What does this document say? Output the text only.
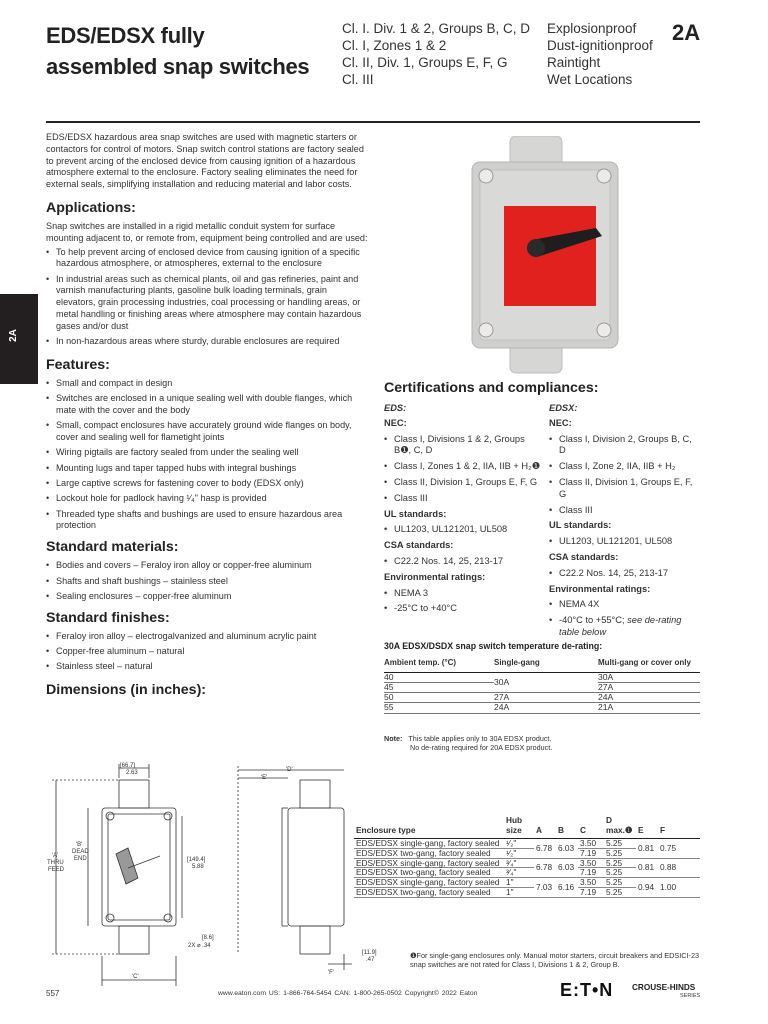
EDS/EDSX fully assembled snap switches
Cl. I. Div. 1 & 2, Groups B, C, D
Cl. I, Zones 1 & 2
Cl. II, Div. 1, Groups E, F, G
Cl. III
Explosionproof
Dust-ignitionproof
Raintight
Wet Locations
2A
2A

EDS/EDSX hazardous area snap switches are used with magnetic starters or contactors for control of motors. Snap switch control stations are factory sealed to prevent arcing of the enclosed device from causing ignition of a hazardous atmosphere external to the enclosure. Factory sealing eliminates the need for external seals, simplifying installation and reducing material and labor costs.

Applications:

Snap switches are installed in a rigid metallic conduit system for surface mounting adjacent to, or remote from, equipment being controlled and are used:

• To help prevent arcing of enclosed device from causing ignition of a specific hazardous atmosphere, or atmospheres, external to the enclosure
• In industrial areas such as chemical plants, oil and gas refineries, paint and varnish manufacturing plants, gasoline bulk loading terminals, grain elevators, grain processing industries, coal processing or handling areas, or metal handling or finishing areas where atmosphere may contain hazardous gases and/or dust
• In non-hazardous areas where sturdy, durable enclosures are required
Features:
• Small and compact in design
• Switches are enclosed in a unique sealing well with double flanges, which mate with the cover and the body
• Small, compact enclosures have accurately ground wide flanges on body, cover and sealing well for flametight joints
• Wiring pigtails are factory sealed from under the sealing well
• Mounting lugs and taper tapped hubs with integral bushings
• Large captive screws for fastening cover to body (EDSX only)
• Lockout hole for padlock having ¹⁄₄" hasp is provided
• Threaded type shafts and bushings are used to ensure hazardous area protection
Standard materials:
• Bodies and covers – Feraloy iron alloy or copper-free aluminum
• Shafts and shaft bushings – stainless steel
• Sealing enclosures – copper-free aluminum
Standard finishes:
• Feraloy iron alloy – electrogalvanized and aluminum acrylic paint
• Copper-free aluminum – natural
• Stainless steel – natural
Dimensions (in inches):
Certifications and compliances:
EDS:
NEC:
• Class I, Divisions 1 & 2, Groups B❶, C, D
• Class I, Zones 1 & 2, IIA, IIB + H₂❶
• Class II, Division 1, Groups E, F, G
• Class III
UL standards:
• UL1203, UL121201, UL508
CSA standards:
• C22.2 Nos. 14, 25, 213-17
Environmental ratings:
• NEMA 3
• -25°C to +40°C
EDSX:
NEC:
• Class I, Division 2, Groups B, C, D
• Class I, Zone 2, IIA, IIB + H₂
• Class II, Division 1, Groups E, F, G
• Class III
UL standards:
• UL1203, UL121201, UL508
CSA standards:
• C22.2 Nos. 14, 25, 213-17
Environmental ratings:
• NEMA 4X
• -40°C to +55°C; see de-rating table below
30A EDSX/DSDX snap switch temperature de-rating:
Ambient temp. (°C)	Single-gang	Multi-gang or cover only
40	30A	30A
45		27A
50	27A	24A
55	24A	21A
Note: This table applies only to 30A EDSX product.
No de-rating required for 20A EDSX product.
[66.7]
2.63
'A'
THRU
FEED
'B'
DEAD
END	[149.4]
5.88
'C'
[8.6]
2X ⌀ .34
'D'
'E'
'F'
[11.9]
.47
Enclosure type	Hub size	A	B	C	D max.❶	E	F
EDS/EDSX single-gang, factory sealed	¹⁄₂"	6.78	6.03	3.50	5.25	0.81	0.75
EDS/EDSX two-gang, factory sealed	¹⁄₂"			7.19	5.25		
EDS/EDSX single-gang, factory sealed	³⁄₄"	6.78	6.03	3.50	5.25	0.81	0.88
EDS/EDSX two-gang, factory sealed	³⁄₄"			7.19	5.25		
EDS/EDSX single-gang, factory sealed	1"	7.03	6.16	3.50	5.25	0.94	1.00
EDS/EDSX two-gang, factory sealed	1"			7.19	5.25		
❶For single-gang enclosures only. Manual motor starters, circuit breakers and EDSICI-23 snap switches are not rated for Class I, Divisions 1 & 2, Group B.
557	www.eaton.com US: 1-866-764-5454 CAN: 1-800-265-0502 Copyright© 2022 Eaton	E:T•N CROUSE-HINDS
SERIES
